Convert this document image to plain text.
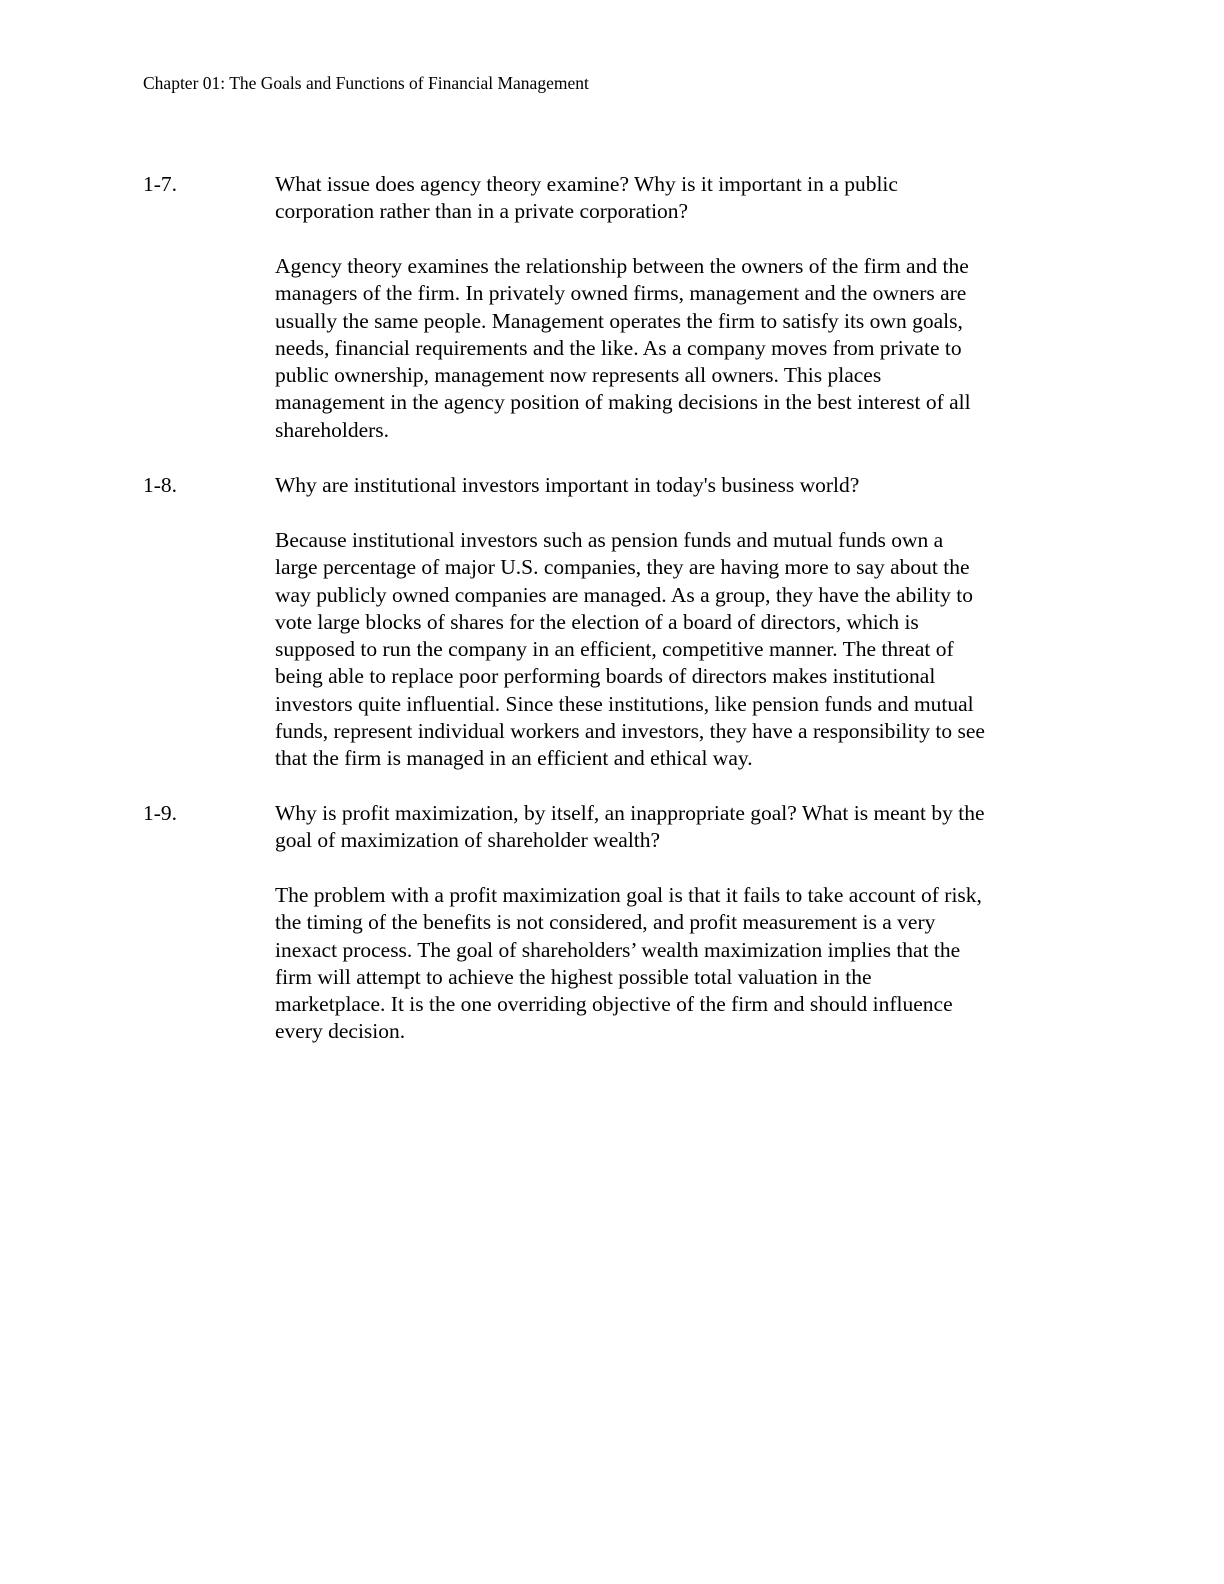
Chapter 01: The Goals and Functions of Financial Management
1-7.	What issue does agency theory examine? Why is it important in a public
corporation rather than in a private corporation?
Agency theory examines the relationship between the owners of the firm and the
managers of the firm. In privately owned firms, management and the owners are
usually the same people. Management operates the firm to satisfy its own goals,
needs, financial requirements and the like. As a company moves from private to
public ownership, management now represents all owners. This places
management in the agency position of making decisions in the best interest of all
shareholders.
1-8.	Why are institutional investors important in today's business world?
Because institutional investors such as pension funds and mutual funds own a
large percentage of major U.S. companies, they are having more to say about the
way publicly owned companies are managed. As a group, they have the ability to
vote large blocks of shares for the election of a board of directors, which is
supposed to run the company in an efficient, competitive manner. The threat of
being able to replace poor performing boards of directors makes institutional
investors quite influential. Since these institutions, like pension funds and mutual
funds, represent individual workers and investors, they have a responsibility to see
that the firm is managed in an efficient and ethical way.
1-9.	Why is profit maximization, by itself, an inappropriate goal? What is meant by the
goal of maximization of shareholder wealth?
The problem with a profit maximization goal is that it fails to take account of risk,
the timing of the benefits is not considered, and profit measurement is a very
inexact process. The goal of shareholders’ wealth maximization implies that the
firm will attempt to achieve the highest possible total valuation in the
marketplace. It is the one overriding objective of the firm and should influence
every decision.
